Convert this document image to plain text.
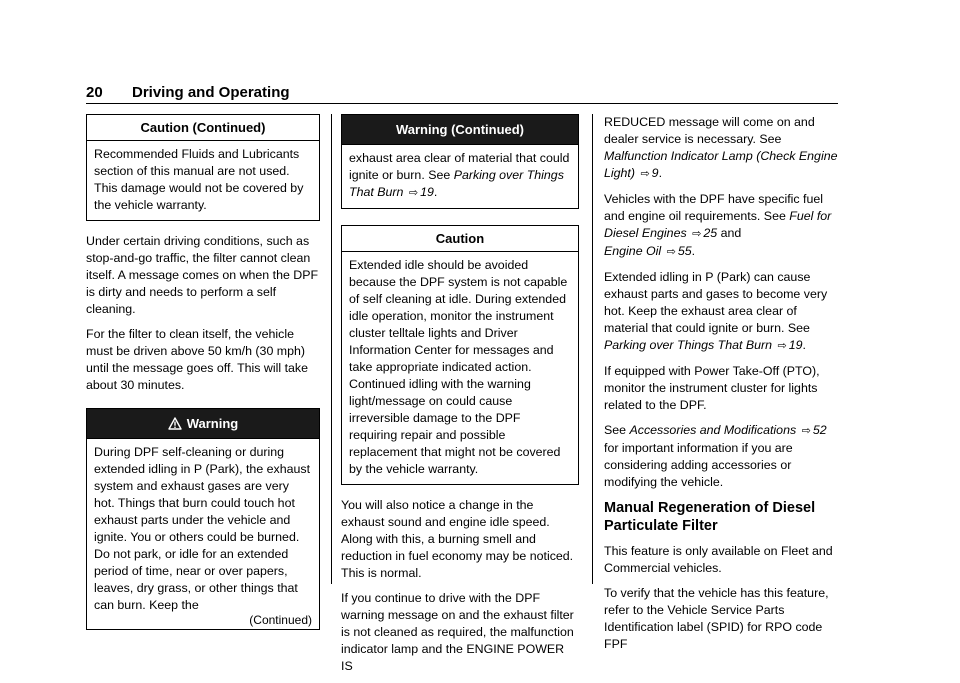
20 Driving and Operating
Caution (Continued)

Recommended Fluids and Lubricants section of this manual are not used. This damage would not be covered by the vehicle warranty.

Under certain driving conditions, such as stop-and-go traffic, the filter cannot clean itself. A message comes on when the DPF is dirty and needs to perform a self cleaning.

For the filter to clean itself, the vehicle must be driven above 50 km/h (30 mph) until the message goes off. This will take about 30 minutes.

Warning

During DPF self-cleaning or during extended idling in P (Park), the exhaust system and exhaust gases are very hot. Things that burn could touch hot exhaust parts under the vehicle and ignite. You or others could be burned. Do not park, or idle for an extended period of time, near or over papers, leaves, dry grass, or other things that can burn. Keep the

(Continued)
Warning (Continued)

exhaust area clear of material that could ignite or burn. See Parking over Things That Burn ⇨ 19.

Caution

Extended idle should be avoided because the DPF system is not capable of self cleaning at idle. During extended idle operation, monitor the instrument cluster telltale lights and Driver Information Center for messages and take appropriate indicated action. Continued idling with the warning light/message on could cause irreversible damage to the DPF requiring repair and possible replacement that might not be covered by the vehicle warranty.

You will also notice a change in the exhaust sound and engine idle speed. Along with this, a burning smell and reduction in fuel economy may be noticed. This is normal.

If you continue to drive with the DPF warning message on and the exhaust filter is not cleaned as required, the malfunction indicator lamp and the ENGINE POWER IS

REDUCED message will come on and dealer service is necessary. See Malfunction Indicator Lamp (Check Engine Light) ⇨ 9.

Vehicles with the DPF have specific fuel and engine oil requirements. See Fuel for Diesel Engines ⇨ 25 and
Engine Oil ⇨ 55.

Extended idling in P (Park) can cause exhaust parts and gases to become very hot. Keep the exhaust area clear of material that could ignite or burn. See Parking over Things That Burn ⇨ 19.

If equipped with Power Take-Off (PTO), monitor the instrument cluster for lights related to the DPF.

See Accessories and Modifications ⇨ 52 for important information if you are considering adding accessories or modifying the vehicle.

Manual Regeneration of Diesel Particulate Filter

This feature is only available on Fleet and Commercial vehicles.

To verify that the vehicle has this feature, refer to the Vehicle Service Parts Identification label (SPID) for RPO code FPF
